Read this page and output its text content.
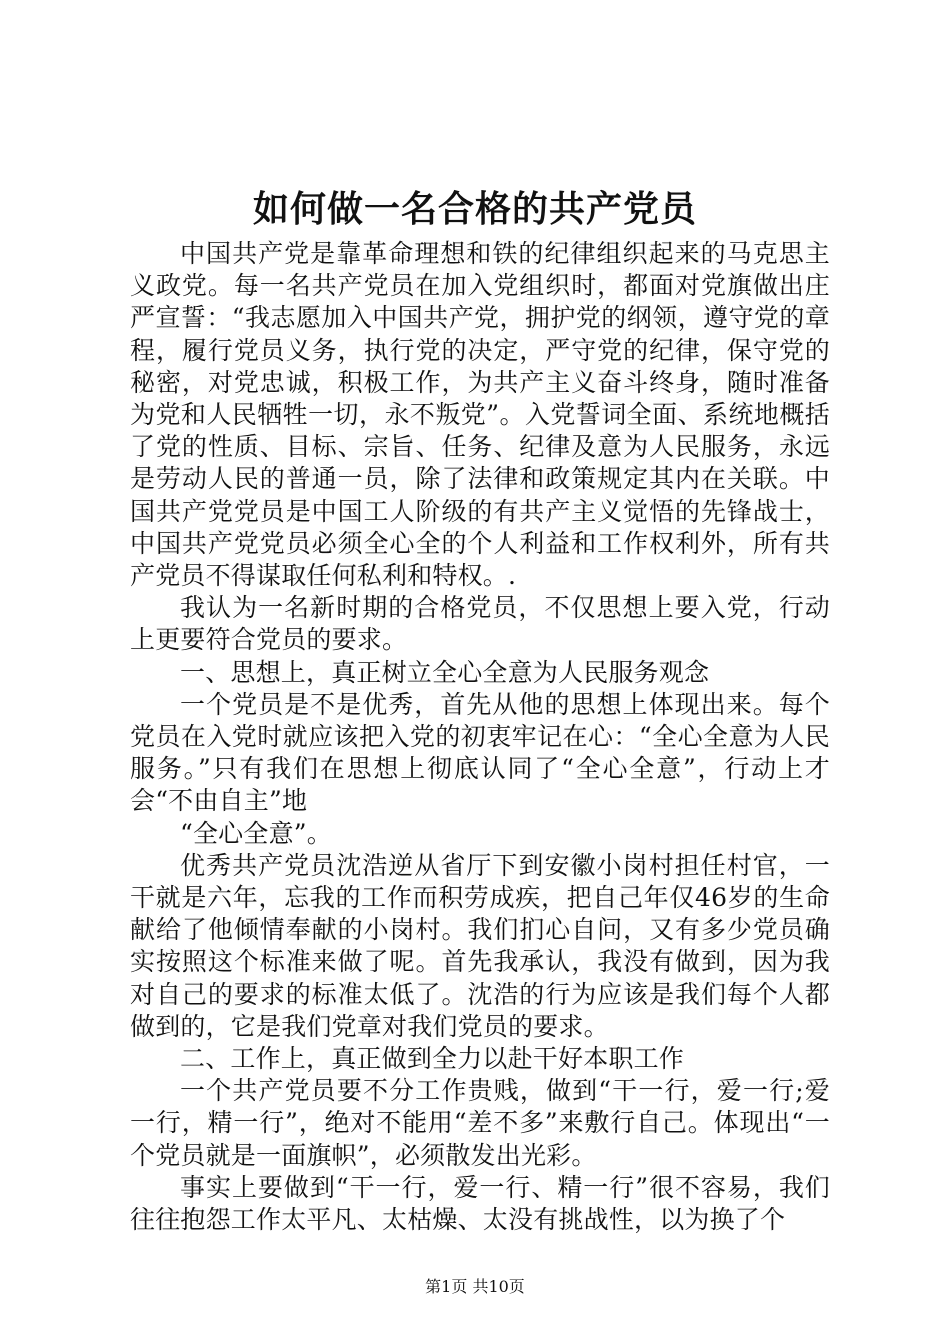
如何做一名合格的共产党员

中国共产党是靠革命理想和铁的纪律组织起来的马克思主义政党。每一名共产党员在加入党组织时，都面对党旗做出庄严宣誓：“我志愿加入中国共产党，拥护党的纲领，遵守党的章程，履行党员义务，执行党的决定，严守党的纪律，保守党的秘密，对党忠诚，积极工作，为共产主义奋斗终身，随时准备为党和人民牺牲一切，永不叛党”。入党誓词全面、系统地概括了党的性质、目标、宗旨、任务、纪律及意为人民服务，永远是劳动人民的普通一员，除了法律和政策规定其内在关联。中国共产党党员是中国工人阶级的有共产主义觉悟的先锋战士，中国共产党党员必须全心全的个人利益和工作权利外，所有共产党员不得谋取任何私利和特权。.

我认为一名新时期的合格党员，不仅思想上要入党，行动上更要符合党员的要求。

一、思想上，真正树立全心全意为人民服务观念

一个党员是不是优秀，首先从他的思想上体现出来。每个党员在入党时就应该把入党的初衷牢记在心：“全心全意为人民服务。”只有我们在思想上彻底认同了“全心全意”，行动上才会“不由自主”地

“全心全意”。

优秀共产党员沈浩逆从省厅下到安徽小岗村担任村官，一干就是六年，忘我的工作而积劳成疾，把自己年仅46岁的生命献给了他倾情奉献的小岗村。我们扪心自问，又有多少党员确实按照这个标准来做了呢。首先我承认，我没有做到，因为我对自己的要求的标准太低了。沈浩的行为应该是我们每个人都做到的，它是我们党章对我们党员的要求。

二、工作上，真正做到全力以赴干好本职工作

一个共产党员要不分工作贵贱，做到“干一行，爱一行;爱一行，精一行”，绝对不能用“差不多”来敷行自己。体现出“一个党员就是一面旗帜”，必须散发出光彩。

事实上要做到“干一行，爱一行、精一行”很不容易，我们往往抱怨工作太平凡、太枯燥、太没有挑战性，以为换了个

第1页 共10页
